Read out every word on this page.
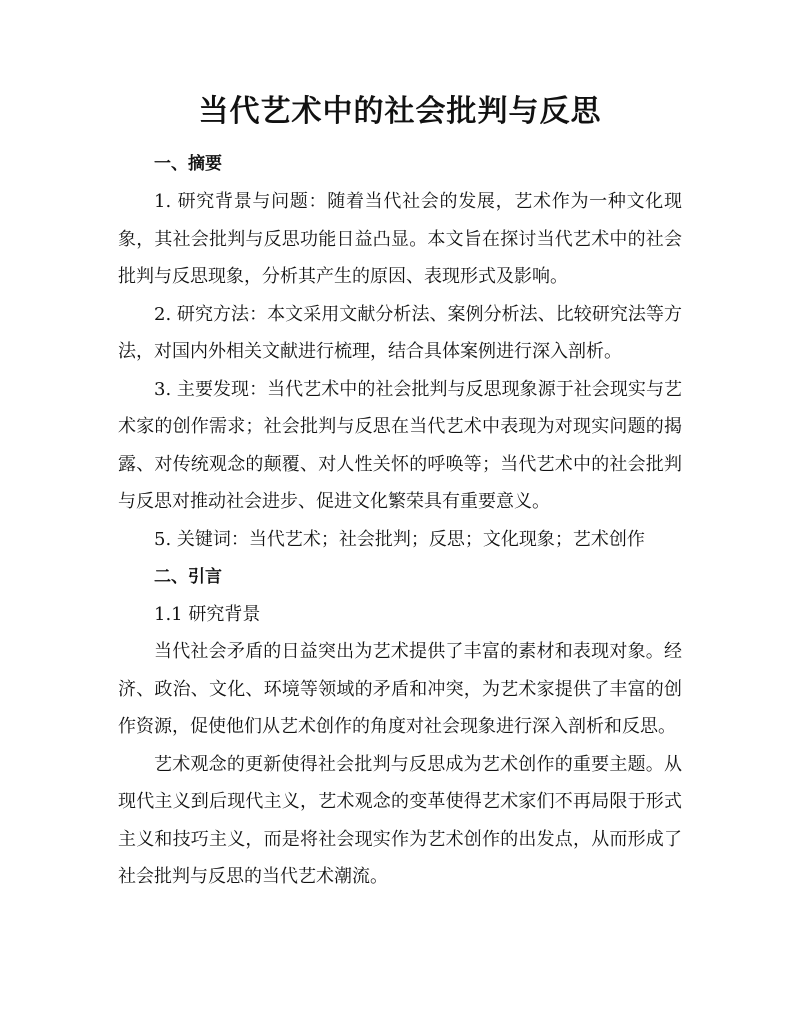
当代艺术中的社会批判与反思
一、摘要

1. 研究背景与问题：随着当代社会的发展，艺术作为一种文化现象，其社会批判与反思功能日益凸显。本文旨在探讨当代艺术中的社会批判与反思现象，分析其产生的原因、表现形式及影响。

2. 研究方法：本文采用文献分析法、案例分析法、比较研究法等方法，对国内外相关文献进行梳理，结合具体案例进行深入剖析。

3. 主要发现：当代艺术中的社会批判与反思现象源于社会现实与艺术家的创作需求；社会批判与反思在当代艺术中表现为对现实问题的揭露、对传统观念的颠覆、对人性关怀的呼唤等；当代艺术中的社会批判与反思对推动社会进步、促进文化繁荣具有重要意义。

5. 关键词：当代艺术；社会批判；反思；文化现象；艺术创作

二、引言

1.1 研究背景

当代社会矛盾的日益突出为艺术提供了丰富的素材和表现对象。经济、政治、文化、环境等领域的矛盾和冲突，为艺术家提供了丰富的创作资源，促使他们从艺术创作的角度对社会现象进行深入剖析和反思。

艺术观念的更新使得社会批判与反思成为艺术创作的重要主题。从现代主义到后现代主义，艺术观念的变革使得艺术家们不再局限于形式主义和技巧主义，而是将社会现实作为艺术创作的出发点，从而形成了社会批判与反思的当代艺术潮流。
